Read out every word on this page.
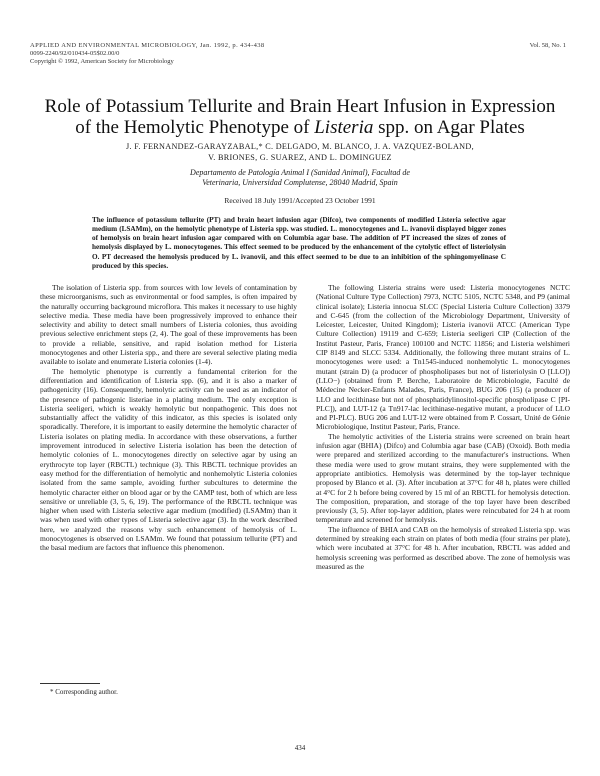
APPLIED AND ENVIRONMENTAL MICROBIOLOGY, Jan. 1992, p. 434-438
0099-2240/92/010434-05$02.00/0
Copyright © 1992, American Society for Microbiology
Vol. 58, No. 1
Role of Potassium Tellurite and Brain Heart Infusion in Expression
of the Hemolytic Phenotype of Listeria spp. on Agar Plates
J. F. FERNANDEZ-GARAYZABAL,* C. DELGADO, M. BLANCO, J. A. VAZQUEZ-BOLAND,
V. BRIONES, G. SUAREZ, AND L. DOMINGUEZ
Departamento de Patología Animal I (Sanidad Animal), Facultad de
Veterinaria, Universidad Complutense, 28040 Madrid, Spain
Received 18 July 1991/Accepted 23 October 1991
The influence of potassium tellurite (PT) and brain heart infusion agar (Difco), two components of modified Listeria selective agar medium (LSAMm), on the hemolytic phenotype of Listeria spp. was studied. L. monocytogenes and L. ivanovii displayed bigger zones of hemolysis on brain heart infusion agar compared with on Columbia agar base. The addition of PT increased the sizes of zones of hemolysis displayed by L. monocytogenes. This effect seemed to be produced by the enhancement of the cytolytic effect of listeriolysin O. PT decreased the hemolysis produced by L. ivanovii, and this effect seemed to be due to an inhibition of the sphingomyelinase C produced by this species.

The isolation of Listeria spp. from sources with low levels of contamination by these microorganisms, such as environmental or food samples, is often impaired by the naturally occurring background microflora. This makes it necessary to use highly selective media. These media have been progressively improved to enhance their selectivity and ability to detect small numbers of Listeria colonies, thus avoiding previous selective enrichment steps (2, 4). The goal of these improvements has been to provide a reliable, sensitive, and rapid isolation method for Listeria monocytogenes and other Listeria spp., and there are several selective plating media available to isolate and enumerate Listeria colonies (1-4).

The hemolytic phenotype is currently a fundamental criterion for the differentiation and identification of Listeria spp. (6), and it is also a marker of pathogenicity (16). Consequently, hemolytic activity can be used as an indicator of the presence of pathogenic listeriae in a plating medium. The only exception is Listeria seeligeri, which is weakly hemolytic but nonpathogenic. This does not substantially affect the validity of this indicator, as this species is isolated only sporadically. Therefore, it is important to easily determine the hemolytic character of Listeria isolates on plating media. In accordance with these observations, a further improvement introduced in selective Listeria isolation has been the detection of hemolytic colonies of L. monocytogenes directly on selective agar by using an erythrocyte top layer (RBCTL) technique (3). This RBCTL technique provides an easy method for the differentiation of hemolytic and nonhemolytic Listeria colonies isolated from the same sample, avoiding further subcultures to determine the hemolytic character either on blood agar or by the CAMP test, both of which are less sensitive or unreliable (3, 5, 6, 19). The performance of the RBCTL technique was higher when used with Listeria selective agar medium (modified) (LSAMm) than it was when used with other types of Listeria selective agar (3). In the work described here, we analyzed the reasons why such enhancement of hemolysis of L. monocytogenes is observed on LSAMm. We found that potassium tellurite (PT) and the basal medium are factors that influence this phenomenon.

The following Listeria strains were used: Listeria monocytogenes NCTC (National Culture Type Collection) 7973, NCTC 5105, NCTC 5348, and P9 (animal clinical isolate); Listeria innocua SLCC (Special Listeria Culture Collection) 3379 and C-645 (from the collection of the Microbiology Department, University of Leicester, Leicester, United Kingdom); Listeria ivanovii ATCC (American Type Culture Collection) 19119 and C-659; Listeria seeligeri CIP (Collection of the Institut Pasteur, Paris, France) 100100 and NCTC 11856; and Listeria welshimeri CIP 8149 and SLCC 5334. Additionally, the following three mutant strains of L. monocytogenes were used: a Tn1545-induced nonhemolytic L. monocytogenes mutant (strain D) (a producer of phospholipases but not of listeriolysin O [LLO]) (LLO−) (obtained from P. Berche, Laboratoire de Microbiologie, Faculté de Médecine Necker-Enfants Malades, Paris, France), BUG 206 (15) (a producer of LLO and lecithinase but not of phosphatidylinositol-specific phospholipase C [PI-PLC]), and LUT-12 (a Tn917-lac lecithinase-negative mutant, a producer of LLO and PI-PLC). BUG 206 and LUT-12 were obtained from P. Cossart, Unité de Génie Microbiologique, Institut Pasteur, Paris, France.

The hemolytic activities of the Listeria strains were screened on brain heart infusion agar (BHIA) (Difco) and Columbia agar base (CAB) (Oxoid). Both media were prepared and sterilized according to the manufacturer's instructions. When these media were used to grow mutant strains, they were supplemented with the appropriate antibiotics. Hemolysis was determined by the top-layer technique proposed by Blanco et al. (3). After incubation at 37°C for 48 h, plates were chilled at 4°C for 2 h before being covered by 15 ml of an RBCTL for hemolysis detection. The composition, preparation, and storage of the top layer have been described previously (3, 5). After top-layer addition, plates were reincubated for 24 h at room temperature and screened for hemolysis.

The influence of BHIA and CAB on the hemolysis of streaked Listeria spp. was determined by streaking each strain on plates of both media (four strains per plate), which were incubated at 37°C for 48 h. After incubation, RBCTL was added and hemolysis screening was performed as described above. The zone of hemolysis was measured as the

* Corresponding author.
434
